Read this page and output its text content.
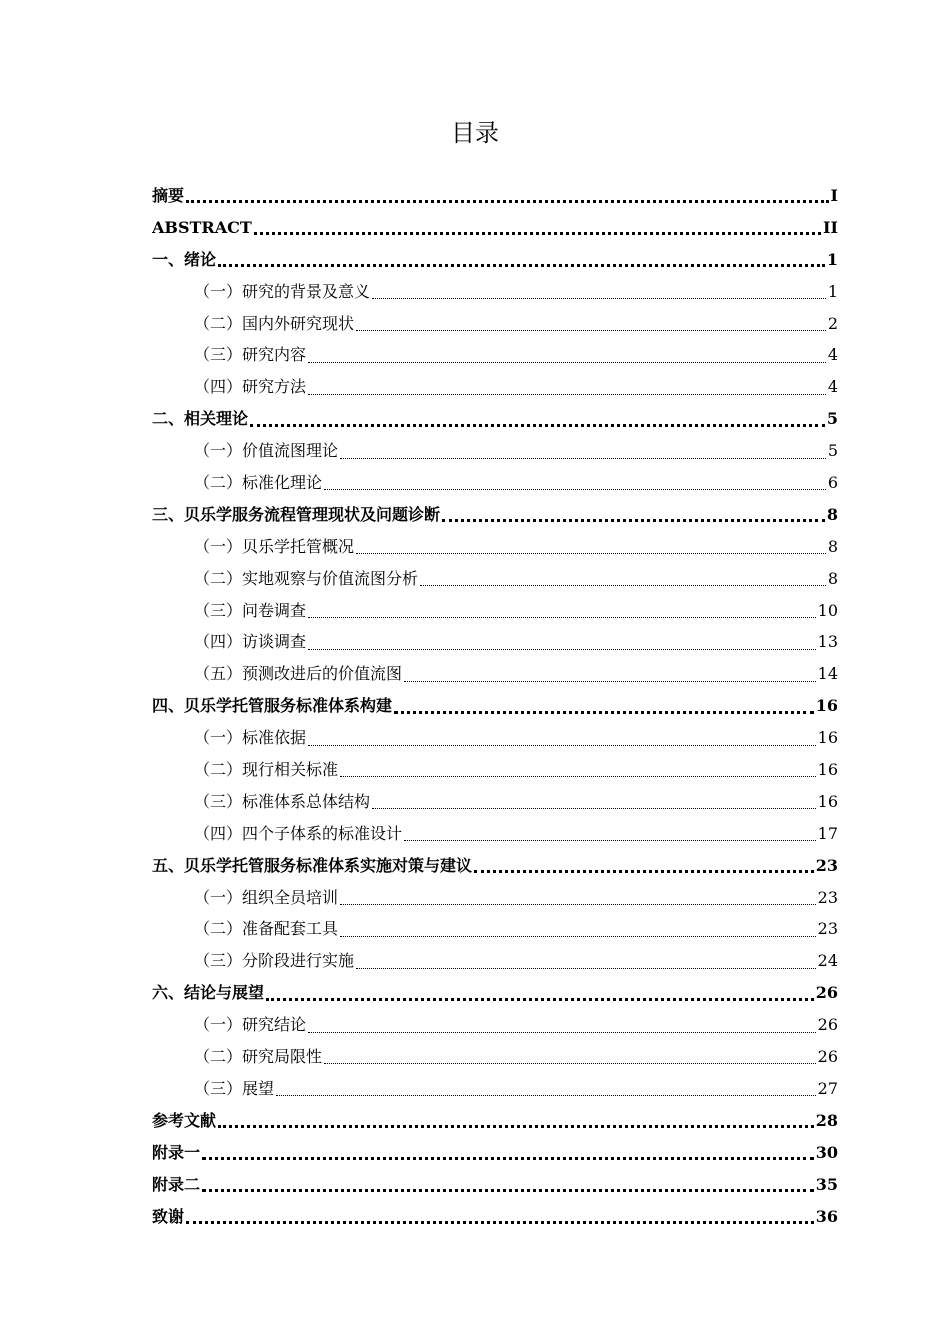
目录
摘要	I
ABSTRACT	II
一、绪论	1
（一）研究的背景及意义	1
（二）国内外研究现状	2
（三）研究内容	4
（四）研究方法	4
二、相关理论	5
（一）价值流图理论	5
（二）标准化理论	6
三、贝乐学服务流程管理现状及问题诊断	8
（一）贝乐学托管概况	8
（二）实地观察与价值流图分析	8
（三）问卷调查	10
（四）访谈调查	13
（五）预测改进后的价值流图	14
四、贝乐学托管服务标准体系构建	16
（一）标准依据	16
（二）现行相关标准	16
（三）标准体系总体结构	16
（四）四个子体系的标准设计	17
五、贝乐学托管服务标准体系实施对策与建议	23
（一）组织全员培训	23
（二）准备配套工具	23
（三）分阶段进行实施	24
六、结论与展望	26
（一）研究结论	26
（二）研究局限性	26
（三）展望	27
参考文献	28
附录一	30
附录二	35
致谢	36
